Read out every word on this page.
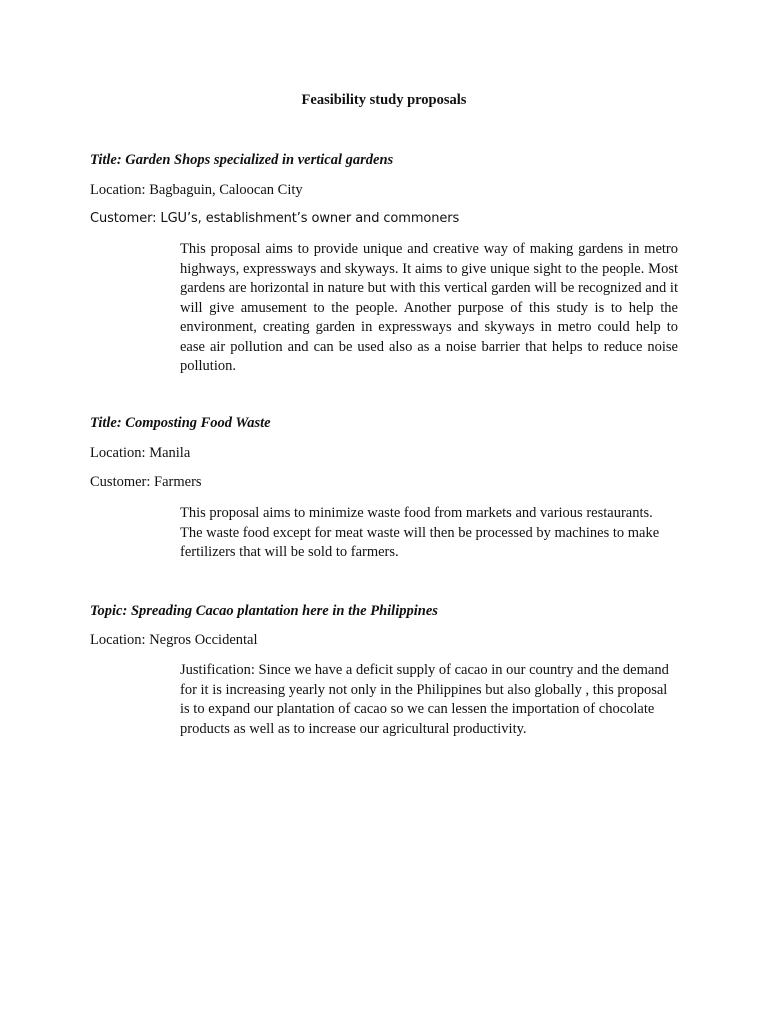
Feasibility study proposals
Title: Garden Shops specialized in vertical gardens
Location: Bagbaguin, Caloocan City
Customer: LGU’s, establishment’s owner and commoners
This proposal aims to provide unique and creative way of making gardens in metro highways, expressways and skyways. It aims to give unique sight to the people. Most gardens are horizontal in nature but with this vertical garden will be recognized and it will give amusement to the people. Another purpose of this study is to help the environment, creating garden in expressways and skyways in metro could help to ease air pollution and can be used also as a noise barrier that helps to reduce noise pollution.
Title: Composting Food Waste
Location: Manila
Customer: Farmers
This proposal aims to minimize waste food from markets and various restaurants. The waste food except for meat waste will then be processed by machines to make fertilizers that will be sold to farmers.
Topic: Spreading Cacao plantation here in the Philippines
Location: Negros Occidental
Justification: Since we have a deficit supply of cacao in our country and the demand for it is increasing yearly not only in the Philippines but also globally , this proposal is to expand our plantation of cacao so we can lessen the importation of chocolate products as well as to increase our agricultural productivity.
